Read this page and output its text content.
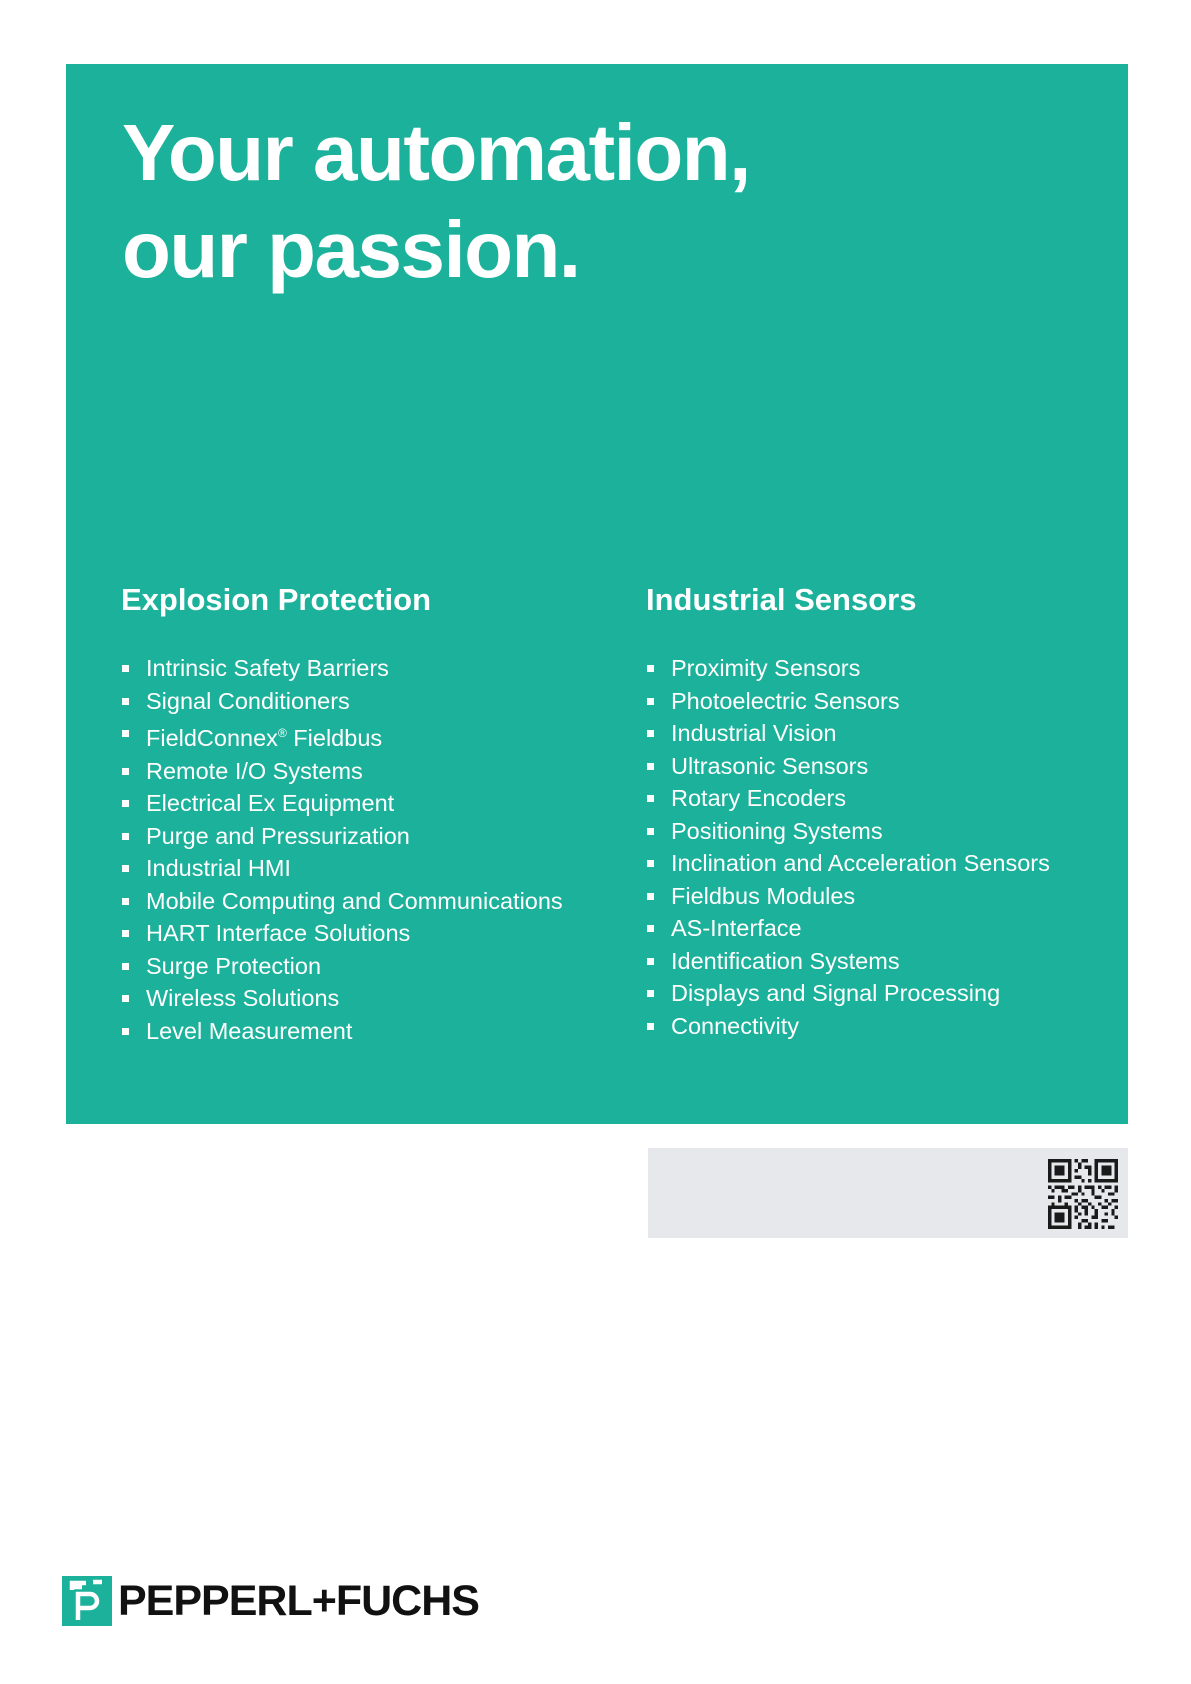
Your automation,
our passion.
Explosion Protection
Intrinsic Safety Barriers
Signal Conditioners
FieldConnex® Fieldbus
Remote I/O Systems
Electrical Ex Equipment
Purge and Pressurization
Industrial HMI
Mobile Computing and Communications
HART Interface Solutions
Surge Protection
Wireless Solutions
Level Measurement
Industrial Sensors
Proximity Sensors
Photoelectric Sensors
Industrial Vision
Ultrasonic Sensors
Rotary Encoders
Positioning Systems
Inclination and Acceleration Sensors
Fieldbus Modules
AS-Interface
Identification Systems
Displays and Signal Processing
Connectivity
PEPPERL+FUCHS
